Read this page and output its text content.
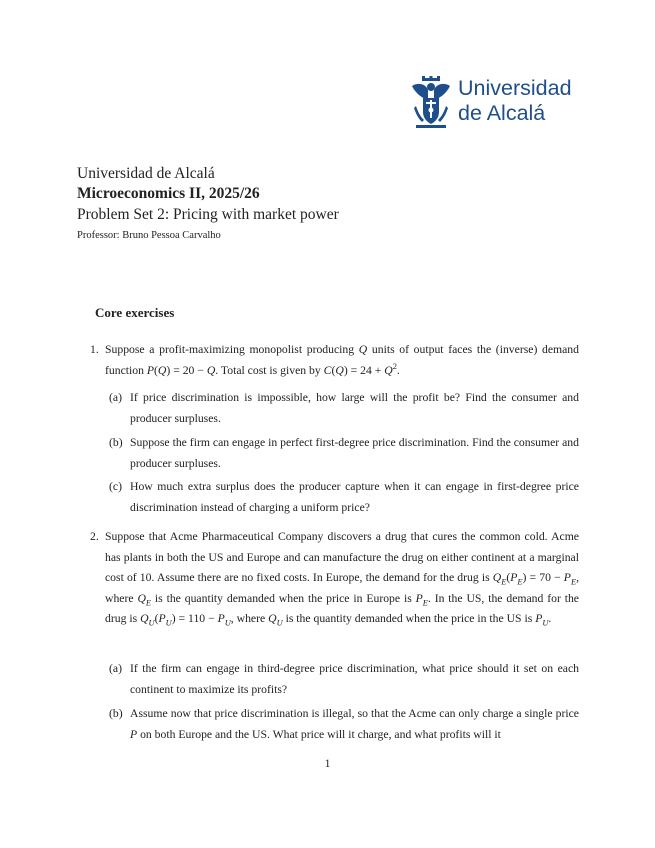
Universidad
de Alcalá
Universidad de Alcalá
Microeconomics II, 2025/26
Problem Set 2: Pricing with market power
Professor: Bruno Pessoa Carvalho
Core exercises
1. Suppose a profit-maximizing monopolist producing Q units of output faces the (inverse) demand function P(Q) = 20 − Q. Total cost is given by $C(Q) = 24 + Q^2$.
(a) If price discrimination is impossible, how large will the profit be? Find the consumer and producer surpluses.
(b) Suppose the firm can engage in perfect first-degree price discrimination. Find the consumer and producer surpluses.
(c) How much extra surplus does the producer capture when it can engage in first-degree price discrimination instead of charging a uniform price?
2. Suppose that Acme Pharmaceutical Company discovers a drug that cures the common cold. Acme has plants in both the US and Europe and can manufacture the drug on either continent at a marginal cost of 10. Assume there are no fixed costs. In Europe, the demand for the drug is $Q_E(P_E) = 70 - P_E$, where $Q_E$ is the quantity demanded when the price in Europe is $P_E$. In the US, the demand for the drug is $Q_U(P_U) = 110 - P_U$, where $Q_U$ is the quantity demanded when the price in the US is $P_U$.
(a) If the firm can engage in third-degree price discrimination, what price should it set on each continent to maximize its profits?
(b) Assume now that price discrimination is illegal, so that the Acme can only charge a single price P on both Europe and the US. What price will it charge, and what profits will it
1
